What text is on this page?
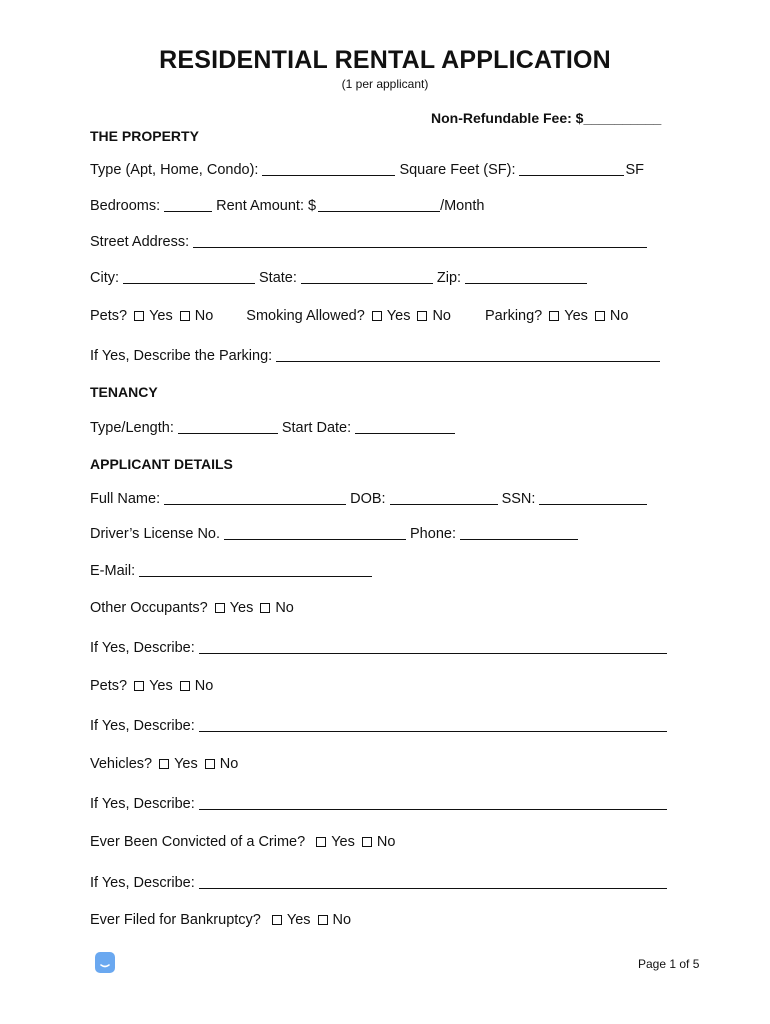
RESIDENTIAL RENTAL APPLICATION
(1 per applicant)
Non-Refundable Fee: $__________
THE PROPERTY
Type (Apt, Home, Condo):	Square Feet (SF):	SF
Bedrooms:	Rent Amount: $	/Month
Street Address:
City:	State:	Zip:
Pets? Yes No Smoking Allowed? Yes No Parking? Yes No
If Yes, Describe the Parking:
TENANCY
Type/Length:	Start Date:
APPLICANT DETAILS
Full Name:	DOB:	SSN:
Driver’s License No.	Phone:
E-Mail:
Other Occupants? Yes No
If Yes, Describe:
Pets? Yes No
If Yes, Describe:
Vehicles? Yes No
If Yes, Describe:
Ever Been Convicted of a Crime? Yes No
If Yes, Describe:
Ever Filed for Bankruptcy? Yes No
Page 1 of 5
